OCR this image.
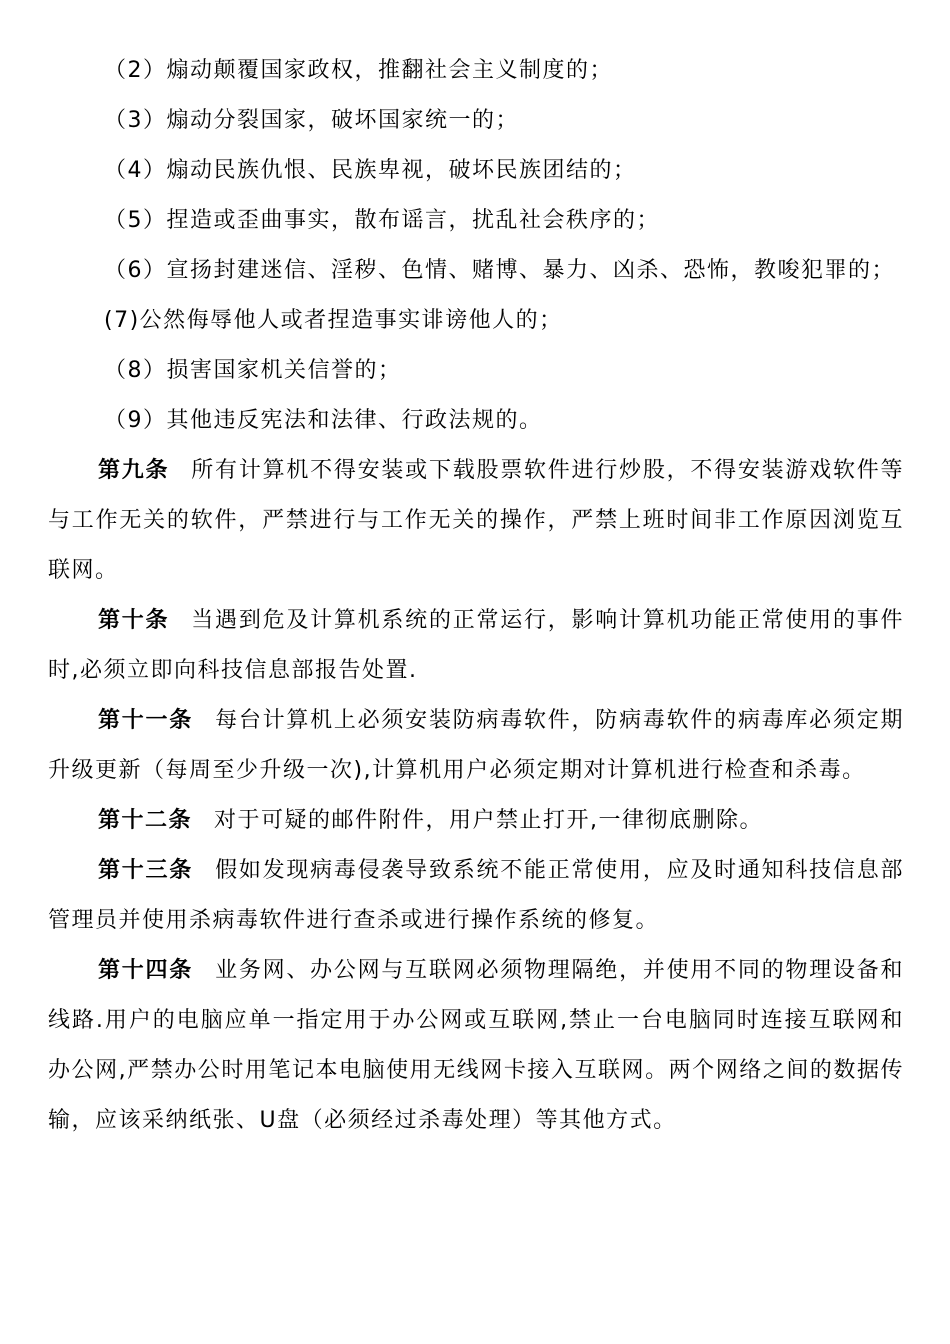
（2）煽动颠覆国家政权，推翻社会主义制度的；

（3）煽动分裂国家，破坏国家统一的；

（4）煽动民族仇恨、民族卑视，破坏民族团结的；

（5）捏造或歪曲事实，散布谣言，扰乱社会秩序的；

（6）宣扬封建迷信、淫秽、色情、赌博、暴力、凶杀、恐怖，教唆犯罪的；

(7)公然侮辱他人或者捏造事实诽谤他人的；

（8）损害国家机关信誉的；

（9）其他违反宪法和法律、行政法规的。

第九条 所有计算机不得安装或下载股票软件进行炒股，不得安装游戏软件等与工作无关的软件，严禁进行与工作无关的操作，严禁上班时间非工作原因浏览互联网。

第十条 当遇到危及计算机系统的正常运行，影响计算机功能正常使用的事件时,必须立即向科技信息部报告处置.

第十一条 每台计算机上必须安装防病毒软件，防病毒软件的病毒库必须定期升级更新（每周至少升级一次),计算机用户必须定期对计算机进行检查和杀毒。

第十二条 对于可疑的邮件附件，用户禁止打开,一律彻底删除。

第十三条 假如发现病毒侵袭导致系统不能正常使用，应及时通知科技信息部管理员并使用杀病毒软件进行查杀或进行操作系统的修复。

第十四条 业务网、办公网与互联网必须物理隔绝，并使用不同的物理设备和线路.用户的电脑应单一指定用于办公网或互联网,禁止一台电脑同时连接互联网和办公网,严禁办公时用笔记本电脑使用无线网卡接入互联网。两个网络之间的数据传输，应该采纳纸张、U盘（必须经过杀毒处理）等其他方式。
